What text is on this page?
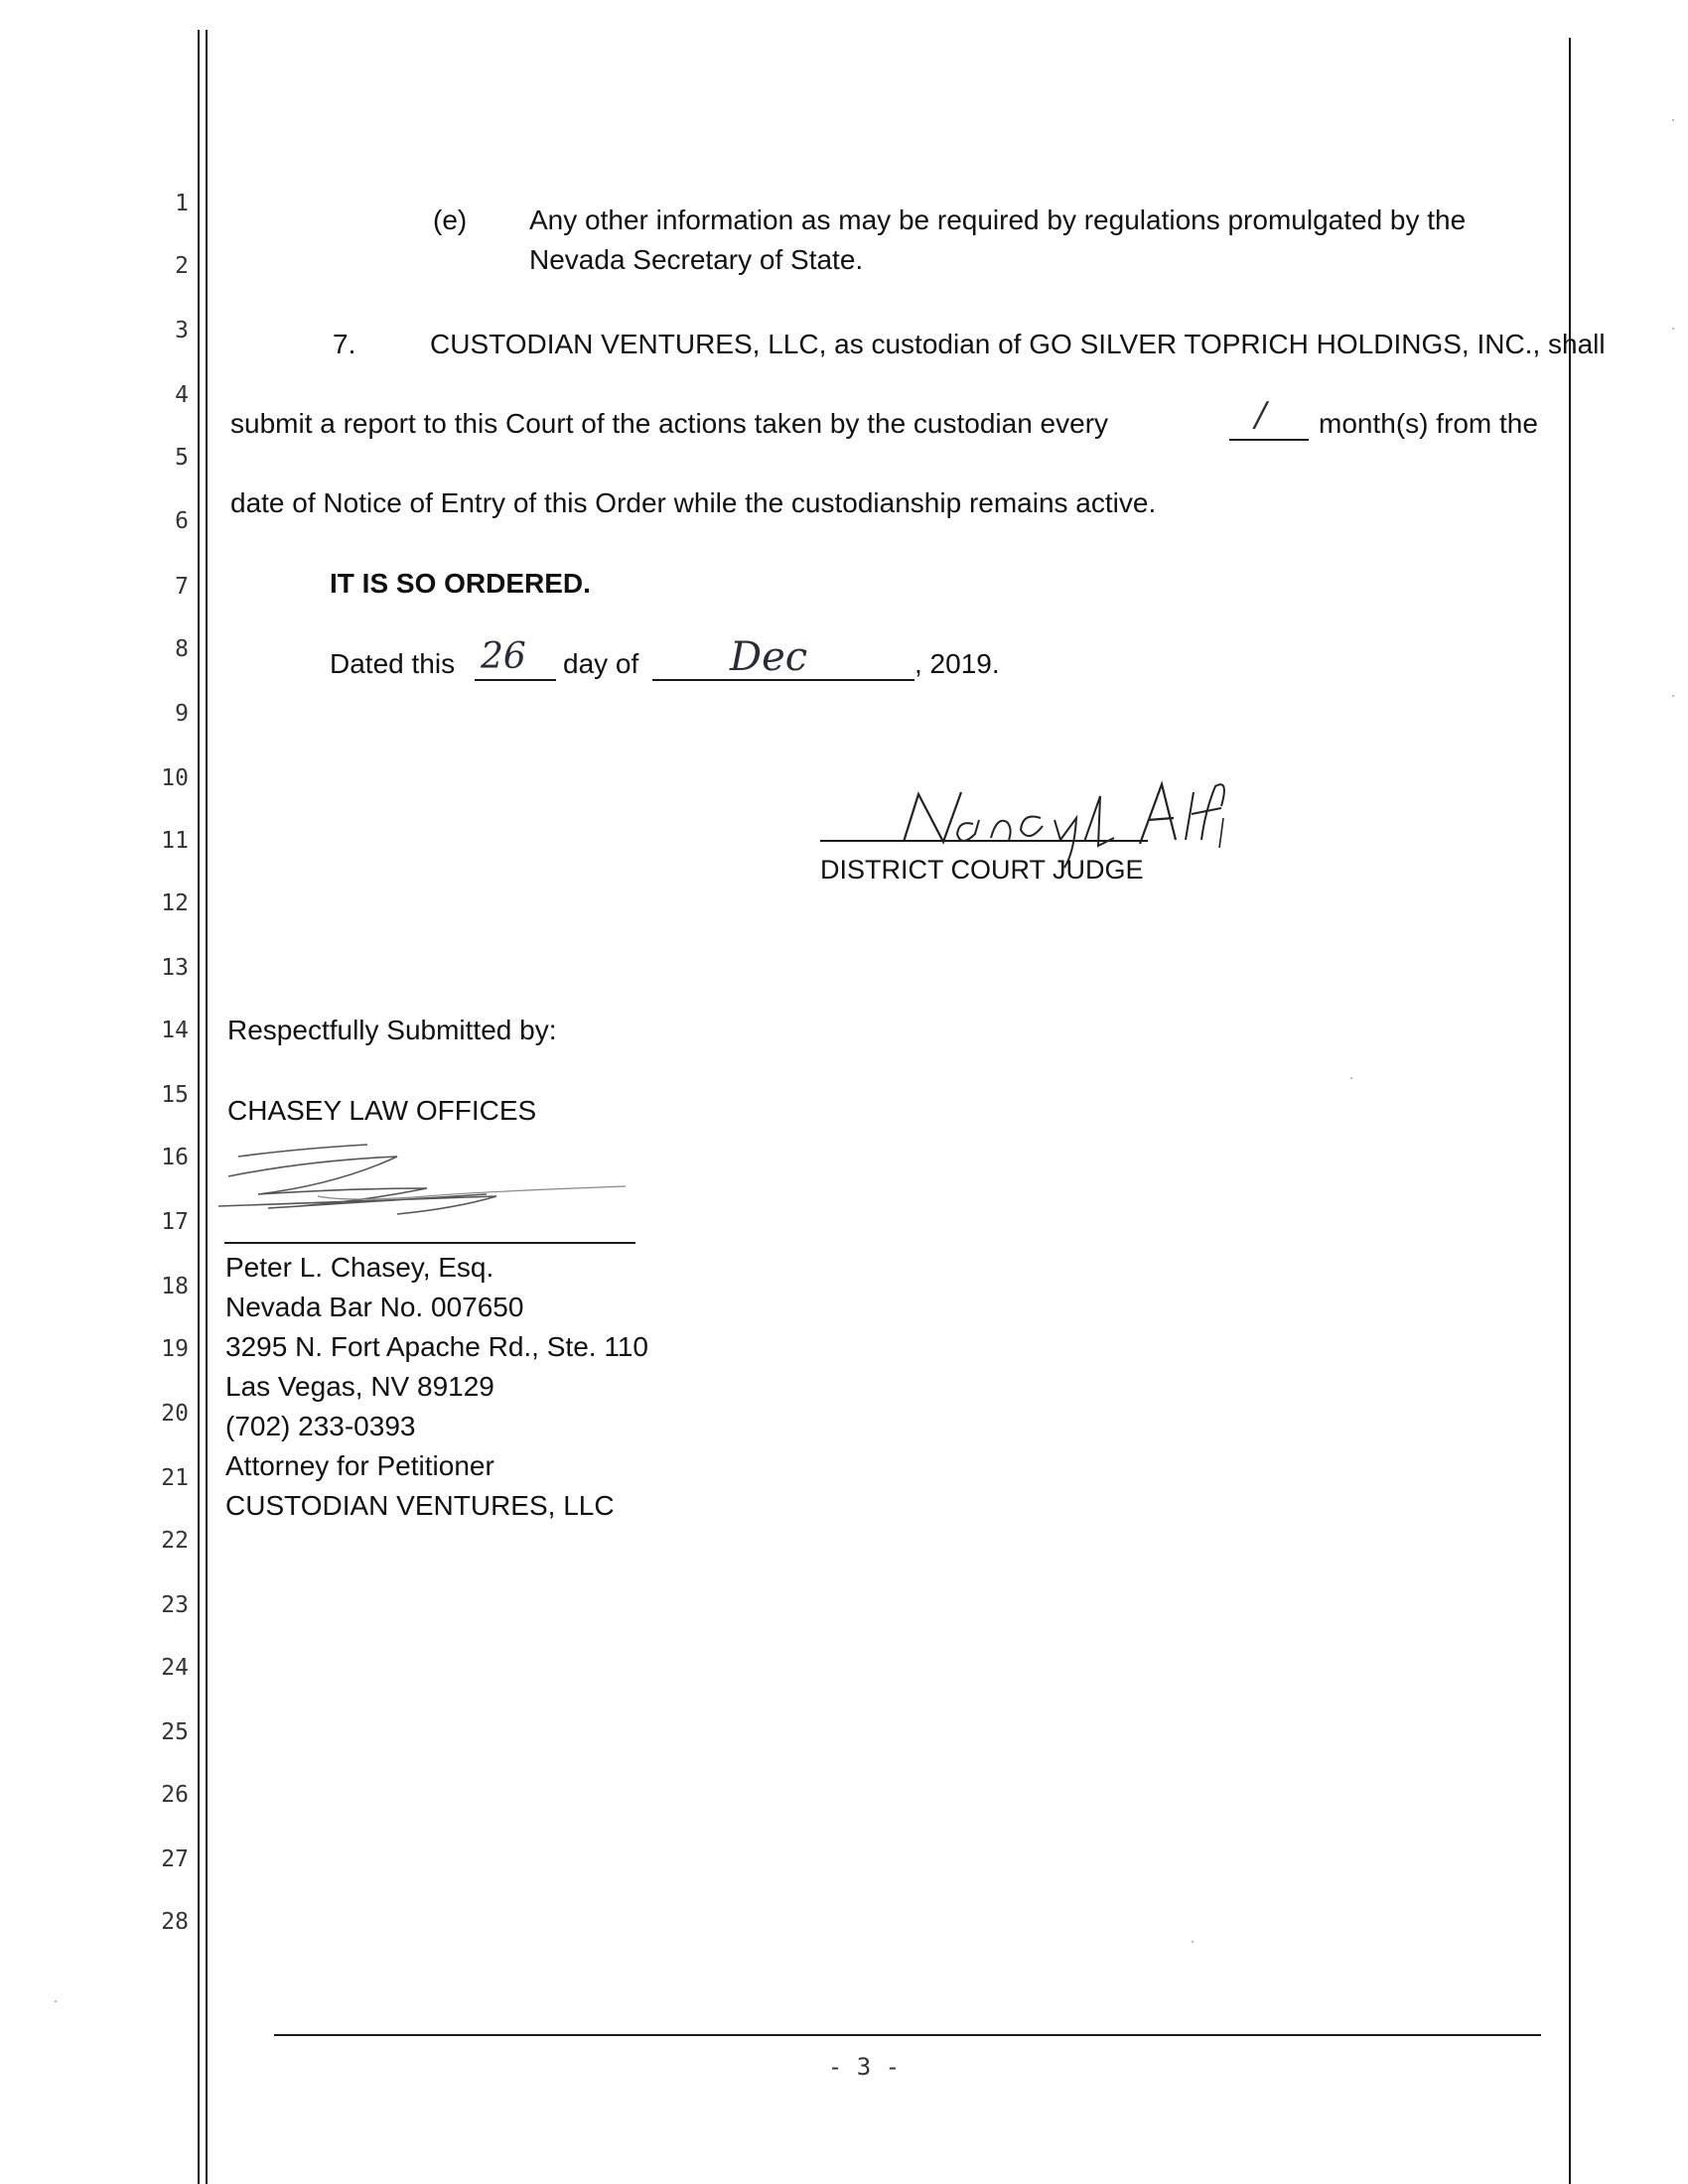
1
2
3
4
5
6
7
8
9
10
11
12
13
14
15
16
17
18
19
20
21
22
23
24
25
26
27
28
(e) Any other information as may be required by regulations promulgated by the
Nevada Secretary of State.
7.	CUSTODIAN VENTURES, LLC, as custodian of GO SILVER TOPRICH HOLDINGS, INC., shall
submit a report to this Court of the actions taken by the custodian every	/ month(s) from the
date of Notice of Entry of this Order while the custodianship remains active.
IT IS SO ORDERED.
Dated this 26 day of Dec	, 2019.
DISTRICT COURT JUDGE
Respectfully Submitted by:
CHASEY LAW OFFICES
Peter L. Chasey, Esq.
Nevada Bar No. 007650
3295 N. Fort Apache Rd., Ste. 110
Las Vegas, NV 89129
(702) 233-0393
Attorney for Petitioner
CUSTODIAN VENTURES, LLC
- 3 -
